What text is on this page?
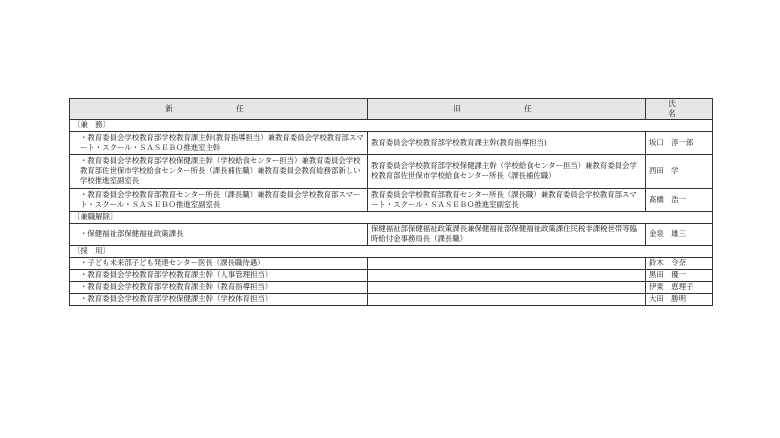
新　任	旧　任	氏　名
〔兼　務〕		
・教育委員会学校教育部学校教育課主幹(教育指導担当）兼教育委員会学校教育部スマート・スクール・ＳＡＳＥＢＯ推進室主幹	教育委員会学校教育部学校教育課主幹(教育指導担当)	坂口　淳一郎
・教育委員会学校教育部学校保健課主幹（学校給食センター担当）兼教育委員会学校教育部佐世保市学校給食センター所長（課長補佐職）兼教育委員会教育総務部新しい学校推進室副室長	教育委員会学校教育部学校保健課主幹（学校給食センター担当）兼教育委員会学校教育部佐世保市学校給食センター所長（課長補佐職）	西田　学
・教育委員会学校教育部教育センター所長（課長職）兼教育委員会学校教育部スマート・スクール・ＳＡＳＥＢＯ推進室副室長	教育委員会学校教育部教育センター所長（課長職）兼教育委員会学校教育部スマート・スクール・ＳＡＳＥＢＯ推進室副室長	髙橋　浩一
〔兼職解除〕		
・保健福祉部保健福祉政策課長	保健福祉部保健福祉政策課長兼保健福祉部保健福祉政策課住民税非課税世帯等臨時給付金事務局長（課長職）	金泉　雄三
〔採　用〕		
・子ども未来部子ども発達センター医長（課長職待遇）		鈴木　令奈
・教育委員会学校教育部学校教育課主幹（人事管理担当）		黒田　優一
・教育委員会学校教育部学校教育課主幹（教育指導担当）		伊東　恵理子
・教育委員会学校教育部学校保健課主幹（学校体育担当）		大田　勝明
